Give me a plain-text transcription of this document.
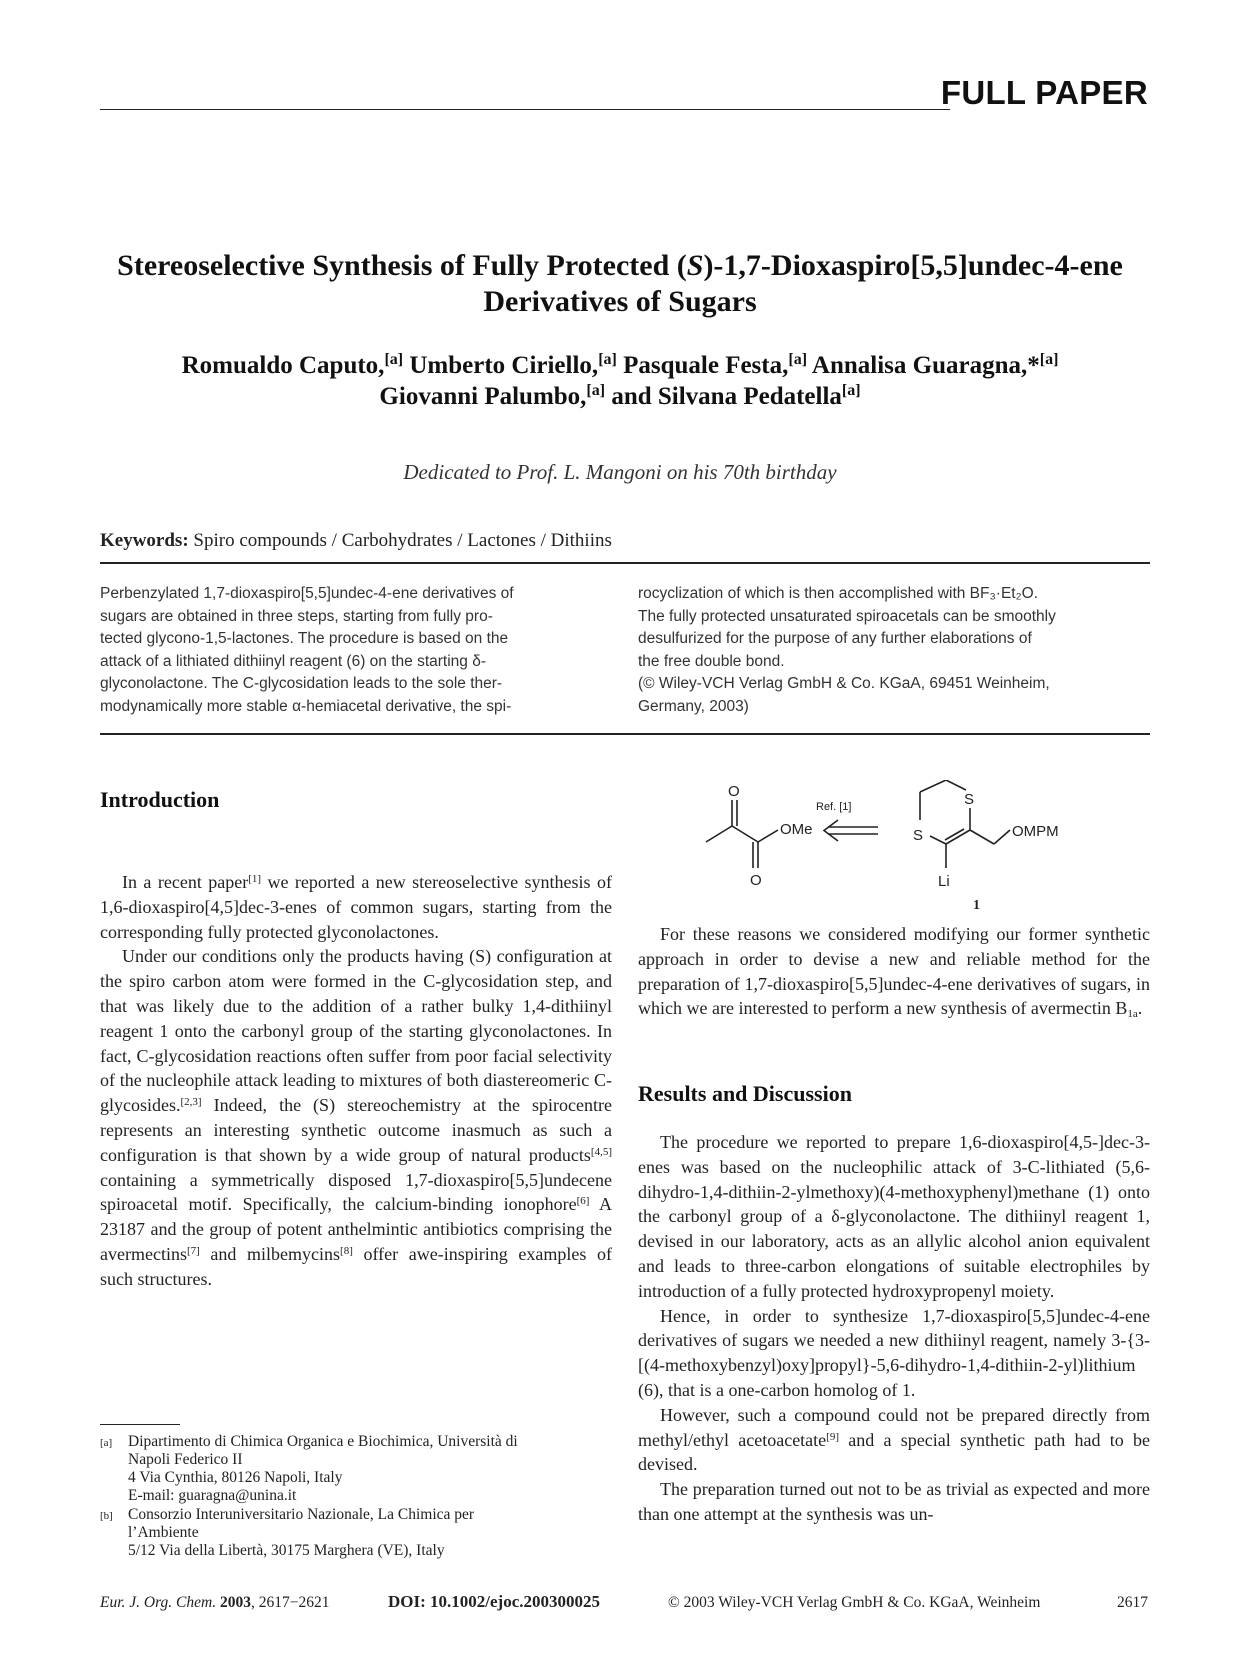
FULL PAPER
Stereoselective Synthesis of Fully Protected (S)-1,7-Dioxaspiro[5,5]undec-4-ene
Derivatives of Sugars
Romualdo Caputo,[a] Umberto Ciriello,[a] Pasquale Festa,[a] Annalisa Guaragna,*[a]
Giovanni Palumbo,[a] and Silvana Pedatella[a]
Dedicated to Prof. L. Mangoni on his 70th birthday
Keywords: Spiro compounds / Carbohydrates / Lactones / Dithiins
Perbenzylated 1,7-dioxaspiro[5,5]undec-4-ene derivatives of
sugars are obtained in three steps, starting from fully pro-
tected glycono-1,5-lactones. The procedure is based on the
attack of a lithiated dithiinyl reagent (6) on the starting δ-
glyconolactone. The C-glycosidation leads to the sole ther-
modynamically more stable α-hemiacetal derivative, the spi-
rocyclization of which is then accomplished with BF₃·Et₂O.
The fully protected unsaturated spiroacetals can be smoothly
desulfurized for the purpose of any further elaborations of
the free double bond.
(© Wiley-VCH Verlag GmbH & Co. KGaA, 69451 Weinheim,
Germany, 2003)
Introduction

In a recent paper[1] we reported a new stereoselective synthesis of 1,6-dioxaspiro[4,5]dec-3-enes of common sugars, starting from the corresponding fully protected glyconolactones.

Under our conditions only the products having (S) configuration at the spiro carbon atom were formed in the C-glycosidation step, and that was likely due to the addition of a rather bulky 1,4-dithiinyl reagent 1 onto the carbonyl group of the starting glyconolactones. In fact, C-glycosidation reactions often suffer from poor facial selectivity of the nucleophile attack leading to mixtures of both diastereomeric C-glycosides.[2,3] Indeed, the (S) stereochemistry at the spirocentre represents an interesting synthetic outcome inasmuch as such a configuration is that shown by a wide group of natural products[4,5] containing a symmetrically disposed 1,7-dioxaspiro[5,5]undecene spiroacetal motif. Specifically, the calcium-binding ionophore[6] A 23187 and the group of potent anthelmintic antibiotics comprising the avermectins[7] and milbemycins[8] offer awe-inspiring examples of such structures.

[a]	Dipartimento di Chimica Organica e Biochimica, Università di
Napoli Federico II
4 Via Cynthia, 80126 Napoli, Italy
E-mail: guaragna@unina.it
[b] Consorzio Interuniversitario Nazionale, La Chimica per
l’Ambiente
5/12 Via della Libertà, 30175 Marghera (VE), Italy
O
O
OMe
Ref. [1]	S
S	OMPM
Li
1

For these reasons we considered modifying our former synthetic approach in order to devise a new and reliable method for the preparation of 1,7-dioxaspiro[5,5]undec-4-ene derivatives of sugars, in which we are interested to perform a new synthesis of avermectin $B_{1a}$.

Results and Discussion

The procedure we reported to prepare 1,6-dioxaspiro[4,5-]dec-3-enes was based on the nucleophilic attack of 3-C-lithiated (5,6-dihydro-1,4-dithiin-2-ylmethoxy)(4-methoxyphenyl)methane (1) onto the carbonyl group of a δ-glyconolactone. The dithiinyl reagent 1, devised in our laboratory, acts as an allylic alcohol anion equivalent and leads to three-carbon elongations of suitable electrophiles by introduction of a fully protected hydroxypropenyl moiety.

Hence, in order to synthesize 1,7-dioxaspiro[5,5]undec-4-ene derivatives of sugars we needed a new dithiinyl reagent, namely 3-{3-[(4-methoxybenzyl)oxy]propyl}-5,6-dihydro-1,4-dithiin-2-yl)lithium (6), that is a one-carbon homolog of 1.

However, such a compound could not be prepared directly from methyl/ethyl acetoacetate[9] and a special synthetic path had to be devised.

The preparation turned out not to be as trivial as expected and more than one attempt at the synthesis was un-

Eur. J. Org. Chem. 2003, 2617−2621	DOI: 10.1002/ejoc.200300025	© 2003 Wiley-VCH Verlag GmbH & Co. KGaA, Weinheim	2617
